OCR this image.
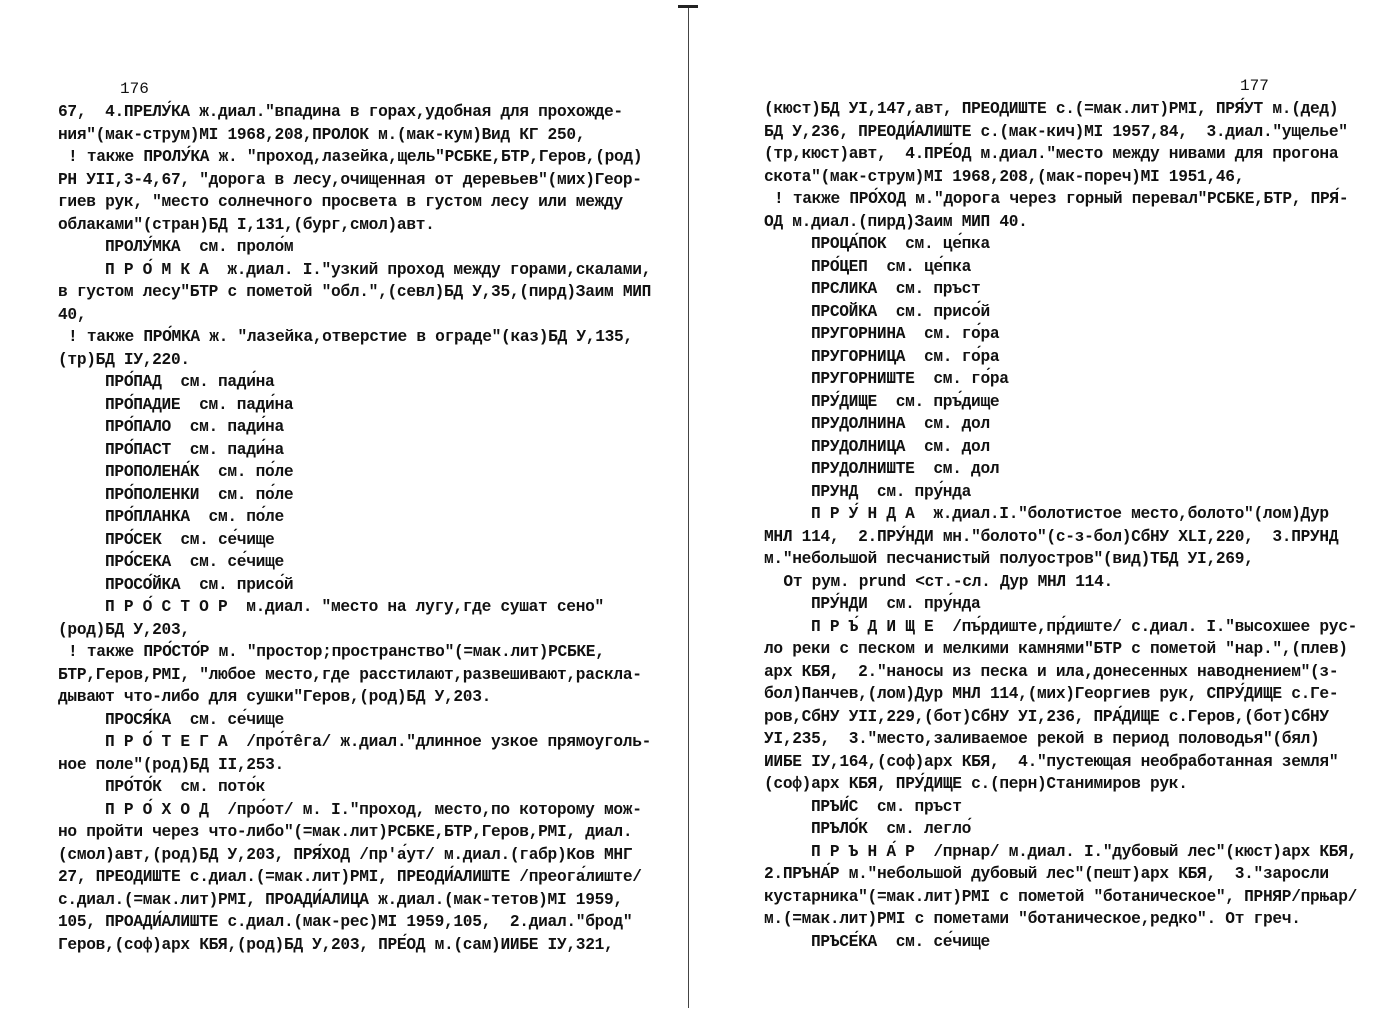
176
67,  4.ПРЕЛУ́КА ж.диал."впадина в горах,удобная для прохожде-
ния"(мак-струм)МI 1968,208,ПРОЛОК м.(мак-кум)Вид КГ 250,
! также ПРОЛУ́КА ж. "проход,лазейка,щель"РСБКЕ,БТР,Геров,(род)
РН УII,3-4,67, "дорога в лесу,очищенная от деревьев"(мих)Геор-
гиев рук, "место солнечного просвета в густом лесу или между
облаками"(стран)БД I,131,(бург,смол)авт.
ПРОЛУ́МКА  см. проло́м
П Р О́ М К А  ж.диал. I."узкий проход между горами,скалами,
в густом лесу"БТР с пометой "обл.",(севл)БД У,35,(пирд)Заим МИП
40,
! также ПРО́МКА ж. "лазейка,отверстие в ограде"(каз)БД У,135,
(тр)БД IУ,220.
ПРО́ПАД  см. пади́на
ПРО́ПАДИЕ  см. пади́на
ПРО́ПАЛО  см. пади́на
ПРО́ПАСТ  см. пади́на
ПРОПОЛЕНА́К  см. по́ле
ПРО́ПОЛЕНКИ  см. по́ле
ПРО́ПЛАНКА  см. по́ле
ПРО́СЕК  см. се́чище
ПРО́СЕКА  см. се́чище
ПРОСО́ЙКА  см. присо́й
П Р О́ С Т О Р  м.диал. "место на лугу,где сушат сено"
(род)БД У,203,
! также ПРО́СТО́Р м. "простор;пространство"(=мак.лит)РСБКЕ,
БТР,Геров,РМI, "любое место,где расстилают,развешивают,раскла-
дывают что-либо для сушки"Геров,(род)БД У,203.
ПРОСЯ́КА  см. се́чище
П Р О́ Т Е Г А  /про́тêга/ ж.диал."длинное узкое прямоуголь-
ное поле"(род)БД II,253.
ПРО́ТО́К  см. пото́к
П Р О́ Х О Д  /про́от/ м. I."проход, место,по которому мож-
но пройти через что-либо"(=мак.лит)РСБКЕ,БТР,Геров,РМI, диал.
(смол)авт,(род)БД У,203, ПРЯ́ХОД /пр'а́ут/ м.диал.(габр)Ков МНГ
27, ПРЕОДИШТЕ с.диал.(=мак.лит)РМI, ПРЕОДИ́АЛИШТЕ /преога́лиште/
с.диал.(=мак.лит)РМI, ПРОАДИ́АЛИЦА ж.диал.(мак-тетов)МI 1959,
105, ПРОАДИ́АЛИШТЕ с.диал.(мак-рес)МI 1959,105,  2.диал."брод"
Геров,(соф)арх КБЯ,(род)БД У,203, ПРЕ́ОД м.(сам)ИИБЕ IУ,321,
177
(кюст)БД УI,147,авт, ПРЕОДИШТЕ с.(=мак.лит)РМI, ПРЯ́УТ м.(дед)
БД У,236, ПРЕОДИ́АЛИШТЕ с.(мак-кич)МI 1957,84,  3.диал."ущелье"
(тр,кюст)авт,  4.ПРЕ́ОД м.диал."место между нивами для прогона
скота"(мак-струм)МI 1968,208,(мак-пореч)МI 1951,46,
! также ПРО́ХОД м."дорога через горный перевал"РСБКЕ,БТР, ПРЯ́-
ОД м.диал.(пирд)Заим МИП 40.
ПРОЦА́ПОК  см. це́пка
ПРО́ЦЕП  см. це́пка
ПРСЛИКА  см. пръст
ПРСОЙКА  см. присо́й
ПРУГОРНИНА  см. го́ра
ПРУГОРНИЦА  см. го́ра
ПРУГОРНИШТЕ  см. го́ра
ПРУ́ДИЩЕ  см. пръ́дище
ПРУДОЛНИНА  см. дол
ПРУДОЛНИЦА  см. дол
ПРУДОЛНИШТЕ  см. дол
ПРУНД  см. пру́нда
П Р У́ Н Д А  ж.диал.I."болотистое место,болото"(лом)Дур
МНЛ 114,  2.ПРУ́НДИ мн."болото"(с-з-бол)СбНУ XLI,220,  3.ПРУНД
м."небольшой песчанистый полуостров"(вид)ТБД УI,269,
От рум. prund <ст.-сл. Дур МНЛ 114.
ПРУ́НДИ  см. пру́нда
П Р Ъ́ Д И Щ Е  /пъ́рдиште,пр́диште/ с.диал. I."высохшее рус-
ло реки с песком и мелкими камнями"БТР с пометой "нар.",(плев)
арх КБЯ,  2."наносы из песка и ила,донесенных наводнением"(з-
бол)Панчев,(лом)Дур МНЛ 114,(мих)Георгиев рук, СПРУ́ДИЩЕ с.Ге-
ров,СбНУ УII,229,(бот)СбНУ УI,236, ПРА́ДИЩЕ с.Геров,(бот)СбНУ
УI,235,  3."место,заливаемое рекой в период половодья"(бял)
ИИБЕ IУ,164,(соф)арх КБЯ,  4."пустеющая необработанная земля"
(соф)арх КБЯ, ПРУ́ДИЩЕ с.(перн)Станимиров рук.
ПРЪИ́С  см. пръст
ПРЪЛО́К  см. легло́
П Р Ъ Н А́ Р  /прнар/ м.диал. I."дубовый лес"(кюст)арх КБЯ,
2.ПРЪНА́Р м."небольшой дубовый лес"(пешт)арх КБЯ,  3."заросли
кустарника"(=мак.лит)РМI с пометой "ботаническое", ПРНЯР/прњар/
м.(=мак.лит)РМI с пометами "ботаническое,редко". От греч.
ПРЪСЕ́КА  см. се́чище
